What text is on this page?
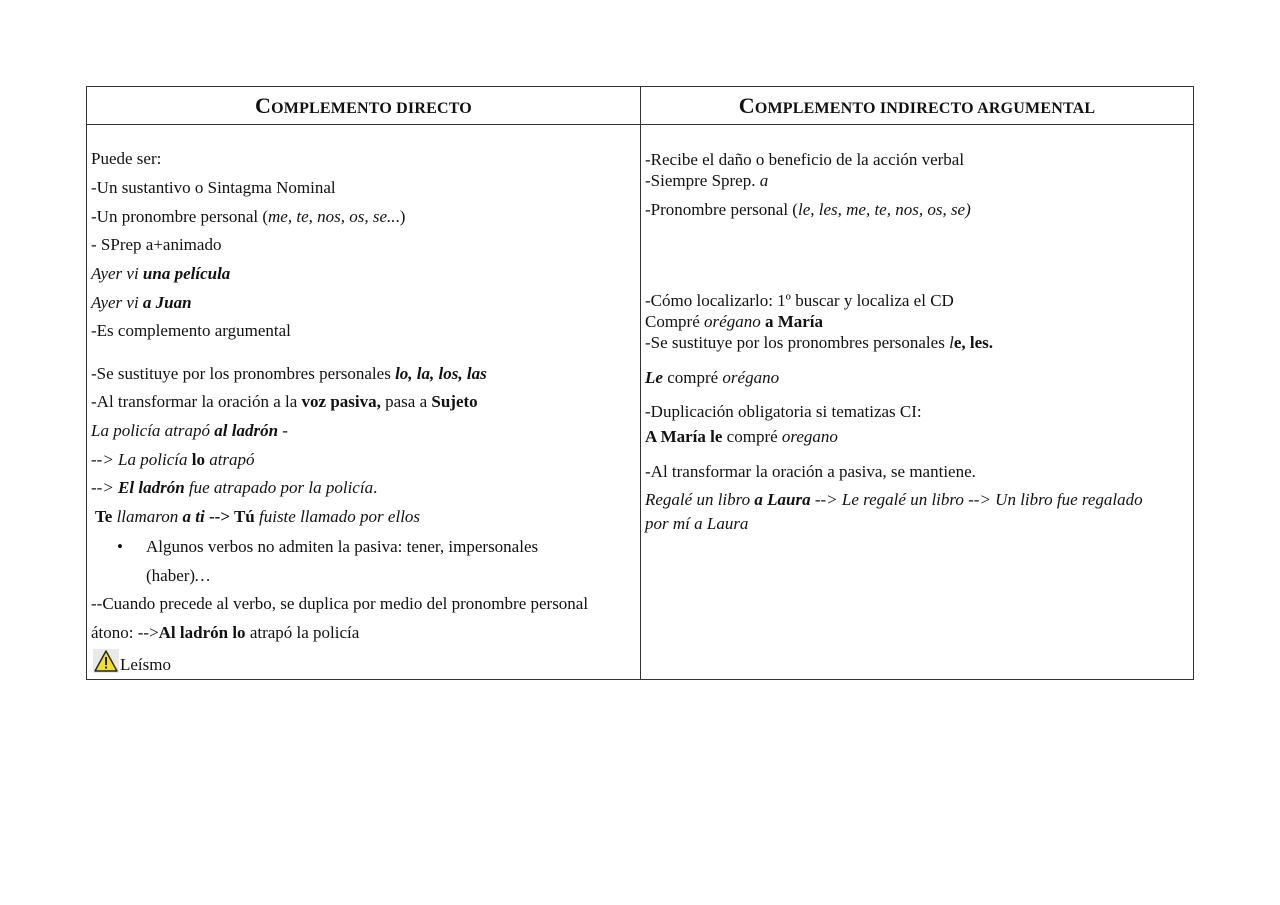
COMPLEMENTO DIRECTO	COMPLEMENTO INDIRECTO ARGUMENTAL
Puede ser:
-Un sustantivo o Sintagma Nominal
-Un pronombre personal (me, te, nos, os, se...)
- SPrep a+animado
Ayer vi una película
Ayer vi a Juan
-Es complemento argumental
-Se sustituye por los pronombres personales lo, la, los, las
-Al transformar la oración a la voz pasiva, pasa a Sujeto
La policía atrapó al ladrón -
--> La policía lo atrapó
--> El ladrón fue atrapado por la policía.
Te llamaron a ti --> Tú fuiste llamado por ellos
• Algunos verbos no admiten la pasiva: tener, impersonales
(haber)…
--Cuando precede al verbo, se duplica por medio del pronombre personal
átono: -->Al ladrón lo atrapó la policía
Leísmo
-Recibe el daño o beneficio de la acción verbal
-Siempre Sprep. a
-Pronombre personal (le, les, me, te, nos, os, se)
-Cómo localizarlo: 1º buscar y localiza el CD
Compré orégano a María
-Se sustituye por los pronombres personales le, les.
Le compré orégano
-Duplicación obligatoria si tematizas CI:
A María le compré oregano
-Al transformar la oración a pasiva, se mantiene.
Regalé un libro a Laura --> Le regalé un libro --> Un libro fue regalado
por mí a Laura
